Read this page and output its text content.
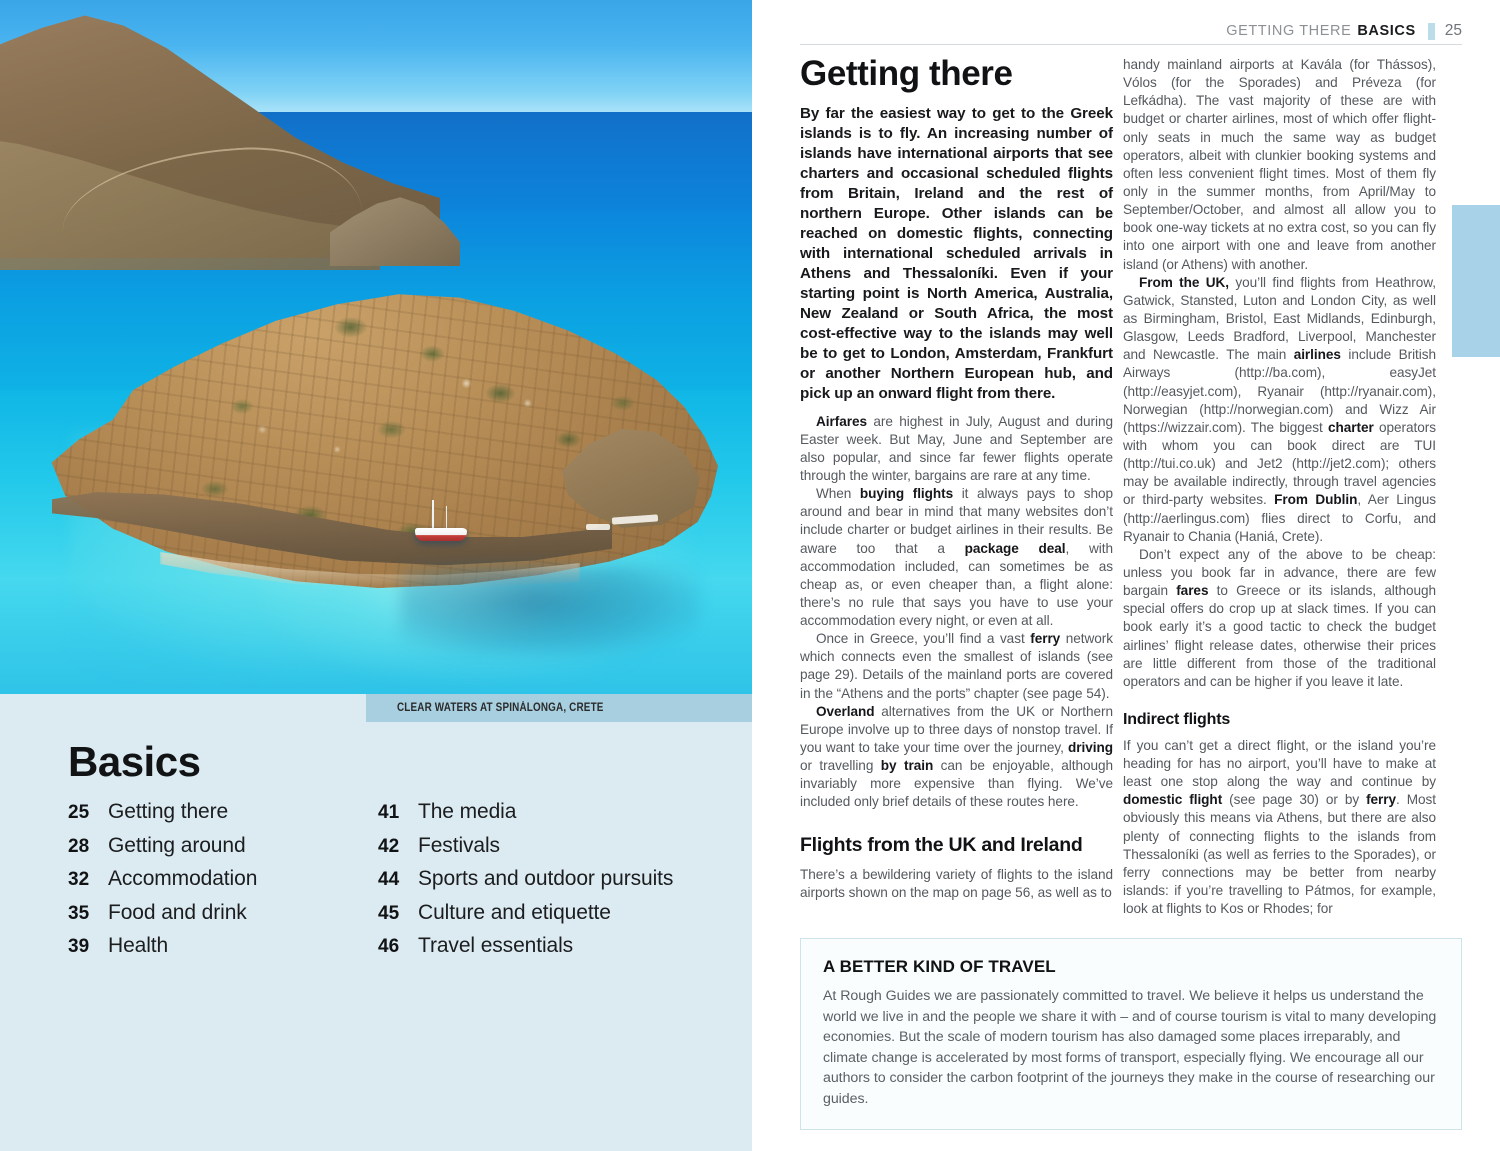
CLEAR WATERS AT SPINÁLONGA, CRETE
Basics
25 Getting there
28 Getting around
32 Accommodation
35 Food and drink
39 Health
41 The media
42 Festivals
44 Sports and outdoor pursuits
45 Culture and etiquette
46 Travel essentials
GETTING THERE BASICS 25
Getting there

By far the easiest way to get to the Greek islands is to fly. An increasing number of islands have international airports that see charters and occasional scheduled flights from Britain, Ireland and the rest of northern Europe. Other islands can be reached on domestic flights, connecting with international scheduled arrivals in Athens and Thessaloníki. Even if your starting point is North America, Australia, New Zealand or South Africa, the most cost-effective way to the islands may well be to get to London, Amsterdam, Frankfurt or another Northern European hub, and pick up an onward flight from there.

Airfares are highest in July, August and during Easter week. But May, June and September are also popular, and since far fewer flights operate through the winter, bargains are rare at any time.

When buying flights it always pays to shop around and bear in mind that many websites don’t include charter or budget airlines in their results. Be aware too that a package deal, with accommodation included, can sometimes be as cheap as, or even cheaper than, a flight alone: there’s no rule that says you have to use your accommodation every night, or even at all.

Once in Greece, you’ll find a vast ferry network which connects even the smallest of islands (see page 29). Details of the mainland ports are covered in the “Athens and the ports” chapter (see page 54).

Overland alternatives from the UK or Northern Europe involve up to three days of nonstop travel. If you want to take your time over the journey, driving or travelling by train can be enjoyable, although invariably more expensive than flying. We’ve included only brief details of these routes here.

Flights from the UK and Ireland

There’s a bewildering variety of flights to the island airports shown on the map on page 56, as well as to

handy mainland airports at Kavála (for Thássos), Vólos (for the Sporades) and Préveza (for Lefkádha). The vast majority of these are with budget or charter airlines, most of which offer flight-only seats in much the same way as budget operators, albeit with clunkier booking systems and often less convenient flight times. Most of them fly only in the summer months, from April/May to September/October, and almost all allow you to book one-way tickets at no extra cost, so you can fly into one airport with one and leave from another island (or Athens) with another.

From the UK, you’ll find flights from Heathrow, Gatwick, Stansted, Luton and London City, as well as Birmingham, Bristol, East Midlands, Edinburgh, Glasgow, Leeds Bradford, Liverpool, Manchester and Newcastle. The main airlines include British Airways (http://ba.com), easyJet (http://easyjet.com), Ryanair (http://ryanair.com), Norwegian (http://norwegian.com) and Wizz Air (https://wizzair.com). The biggest charter operators with whom you can book direct are TUI (http://tui.co.uk) and Jet2 (http://jet2.com); others may be available indirectly, through travel agencies or third-party websites. From Dublin, Aer Lingus (http://aerlingus.com) flies direct to Corfu, and Ryanair to Chania (Haniá, Crete).

Don’t expect any of the above to be cheap: unless you book far in advance, there are few bargain fares to Greece or its islands, although special offers do crop up at slack times. If you can book early it’s a good tactic to check the budget airlines’ flight release dates, otherwise their prices are little different from those of the traditional operators and can be higher if you leave it late.

Indirect flights

If you can’t get a direct flight, or the island you’re heading for has no airport, you’ll have to make at least one stop along the way and continue by domestic flight (see page 30) or by ferry. Most obviously this means via Athens, but there are also plenty of connecting flights to the islands from Thessaloníki (as well as ferries to the Sporades), or ferry connections may be better from nearby islands: if you’re travelling to Pátmos, for example, look at flights to Kos or Rhodes; for

A BETTER KIND OF TRAVEL

At Rough Guides we are passionately committed to travel. We believe it helps us understand the world we live in and the people we share it with – and of course tourism is vital to many developing economies. But the scale of modern tourism has also damaged some places irreparably, and climate change is accelerated by most forms of transport, especially flying. We encourage all our authors to consider the carbon footprint of the journeys they make in the course of researching our guides.
